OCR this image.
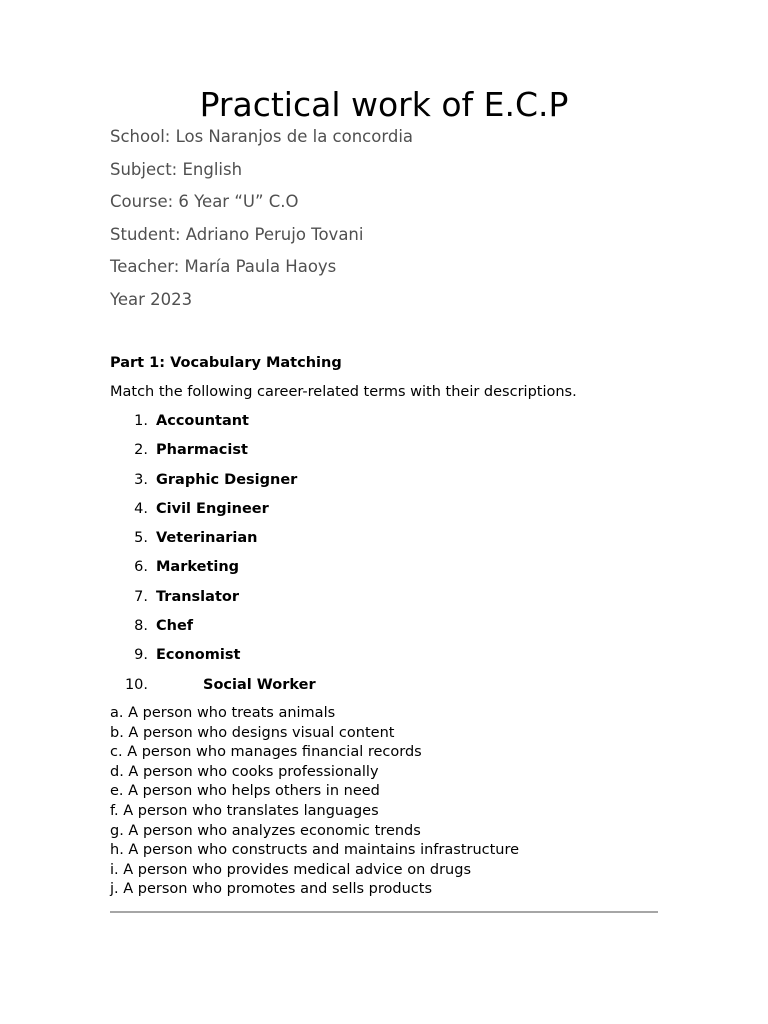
Practical work of E.C.P
School: Los Naranjos de la concordia
Subject: English
Course: 6 Year “U” C.O
Student: Adriano Perujo Tovani
Teacher: María Paula Haoys
Year 2023
Part 1: Vocabulary Matching
Match the following career-related terms with their descriptions.
1. Accountant
2. Pharmacist
3. Graphic Designer
4. Civil Engineer
5. Veterinarian
6. Marketing
7. Translator
8. Chef
9. Economist
10.	Social Worker
a. A person who treats animals
b. A person who designs visual content
c. A person who manages financial records
d. A person who cooks professionally
e. A person who helps others in need
f. A person who translates languages
g. A person who analyzes economic trends
h. A person who constructs and maintains infrastructure
i. A person who provides medical advice on drugs
j. A person who promotes and sells products
